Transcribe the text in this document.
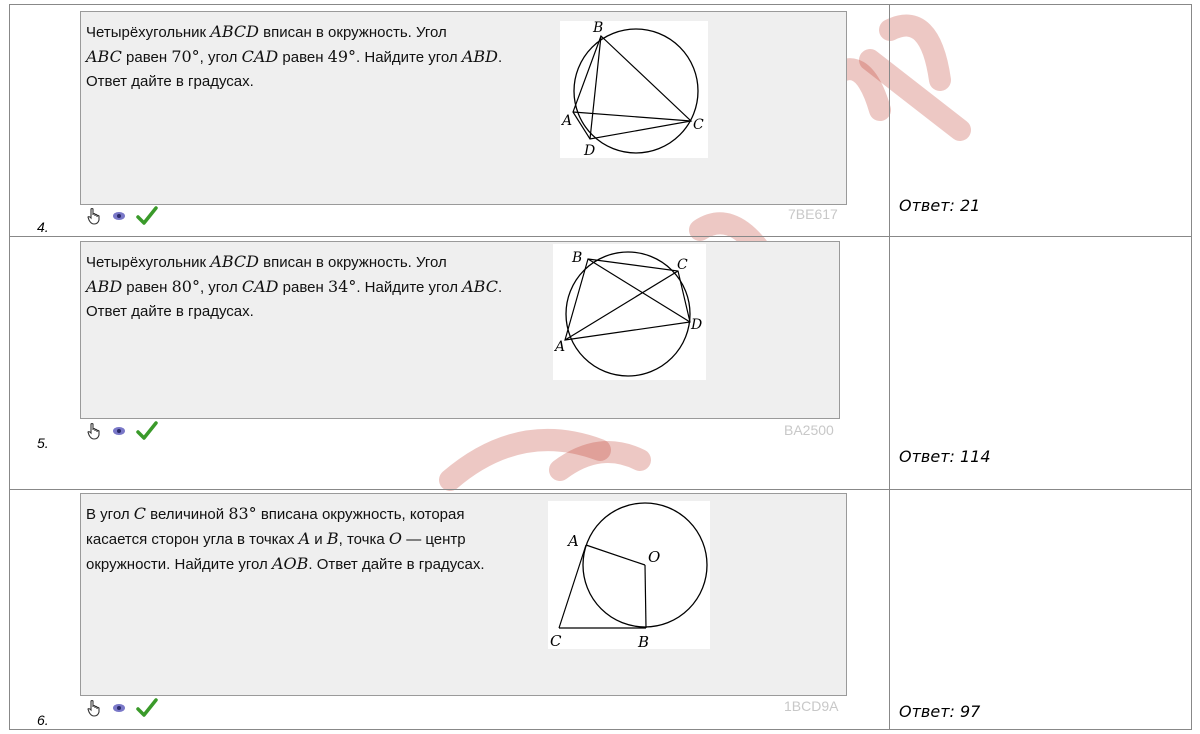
Четырёхугольник ABCD вписан в окружность. Угол
ABC равен 70°, угол CAD равен 49°. Найдите угол ABD.
Ответ дайте в градусах.
B
A
D
C
7BE617
4.
Ответ: 21
Четырёхугольник ABCD вписан в окружность. Угол
ABD равен 80°, угол CAD равен 34°. Найдите угол ABC.
Ответ дайте в градусах.
B	C
D
A
BA2500
5.
Ответ: 114
В угол C величиной 83° вписана окружность, которая
касается сторон угла в точках A и B, точка O — центр
окружности. Найдите угол AOB. Ответ дайте в градусах.
A
O
C	B
1BCD9A
6.	Ответ: 97
